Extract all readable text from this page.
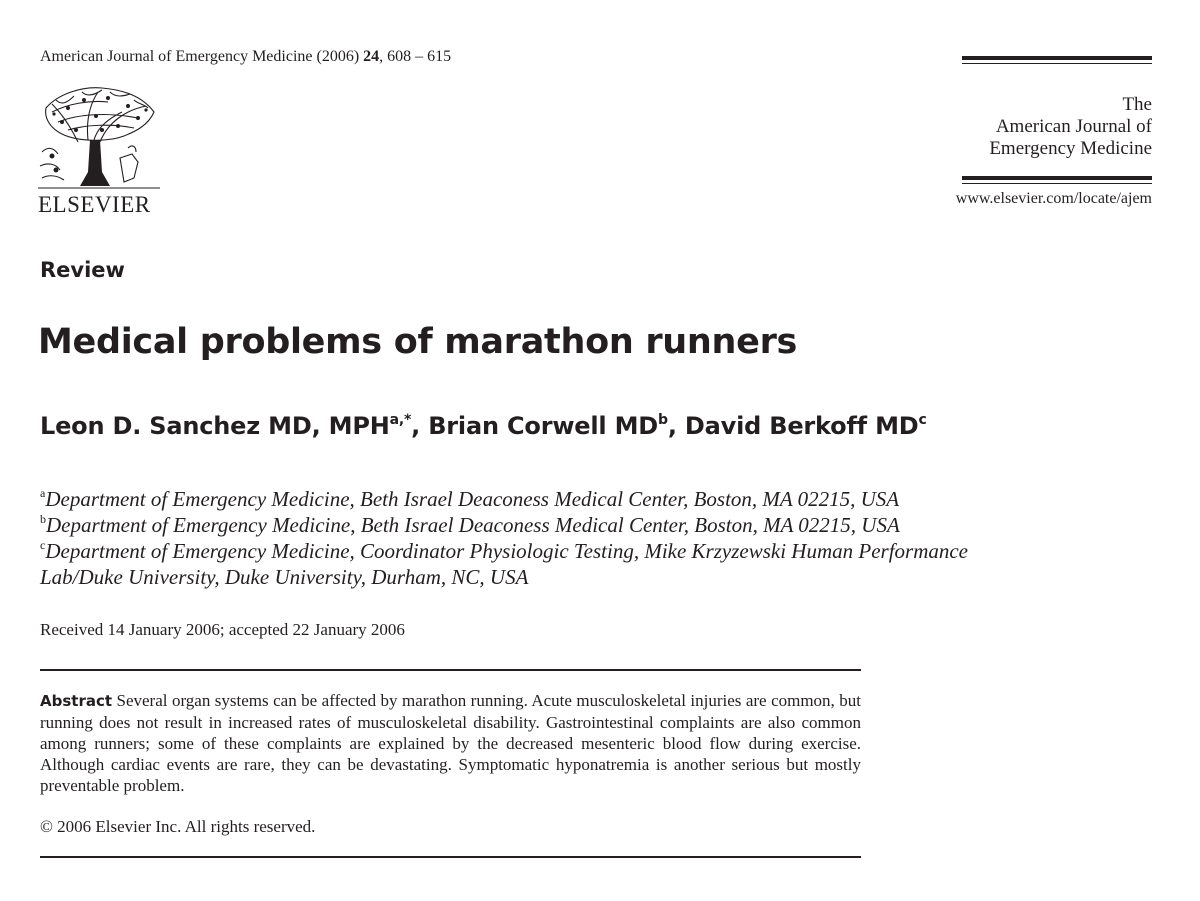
American Journal of Emergency Medicine (2006) 24, 608 – 615
ELSEVIER
The
American Journal of
Emergency Medicine
www.elsevier.com/locate/ajem
Review
Medical problems of marathon runners
Leon D. Sanchez MD, $MPH^{a,*}$, Brian Corwell $MD^b$, David Berkoff $MD^c$
$^a$Department of Emergency Medicine, Beth Israel Deaconess Medical Center, Boston, MA 02215, USA
$^b$Department of Emergency Medicine, Beth Israel Deaconess Medical Center, Boston, MA 02215, USA
$^c$Department of Emergency Medicine, Coordinator Physiologic Testing, Mike Krzyzewski Human Performance Lab/Duke University, Duke University, Durham, NC, USA
Received 14 January 2006; accepted 22 January 2006
Abstract Several organ systems can be affected by marathon running. Acute musculoskeletal injuries are common, but running does not result in increased rates of musculoskeletal disability. Gastrointestinal complaints are also common among runners; some of these complaints are explained by the decreased mesenteric blood flow during exercise. Although cardiac events are rare, they can be devastating. Symptomatic hyponatremia is another serious but mostly preventable problem.
© 2006 Elsevier Inc. All rights reserved.
